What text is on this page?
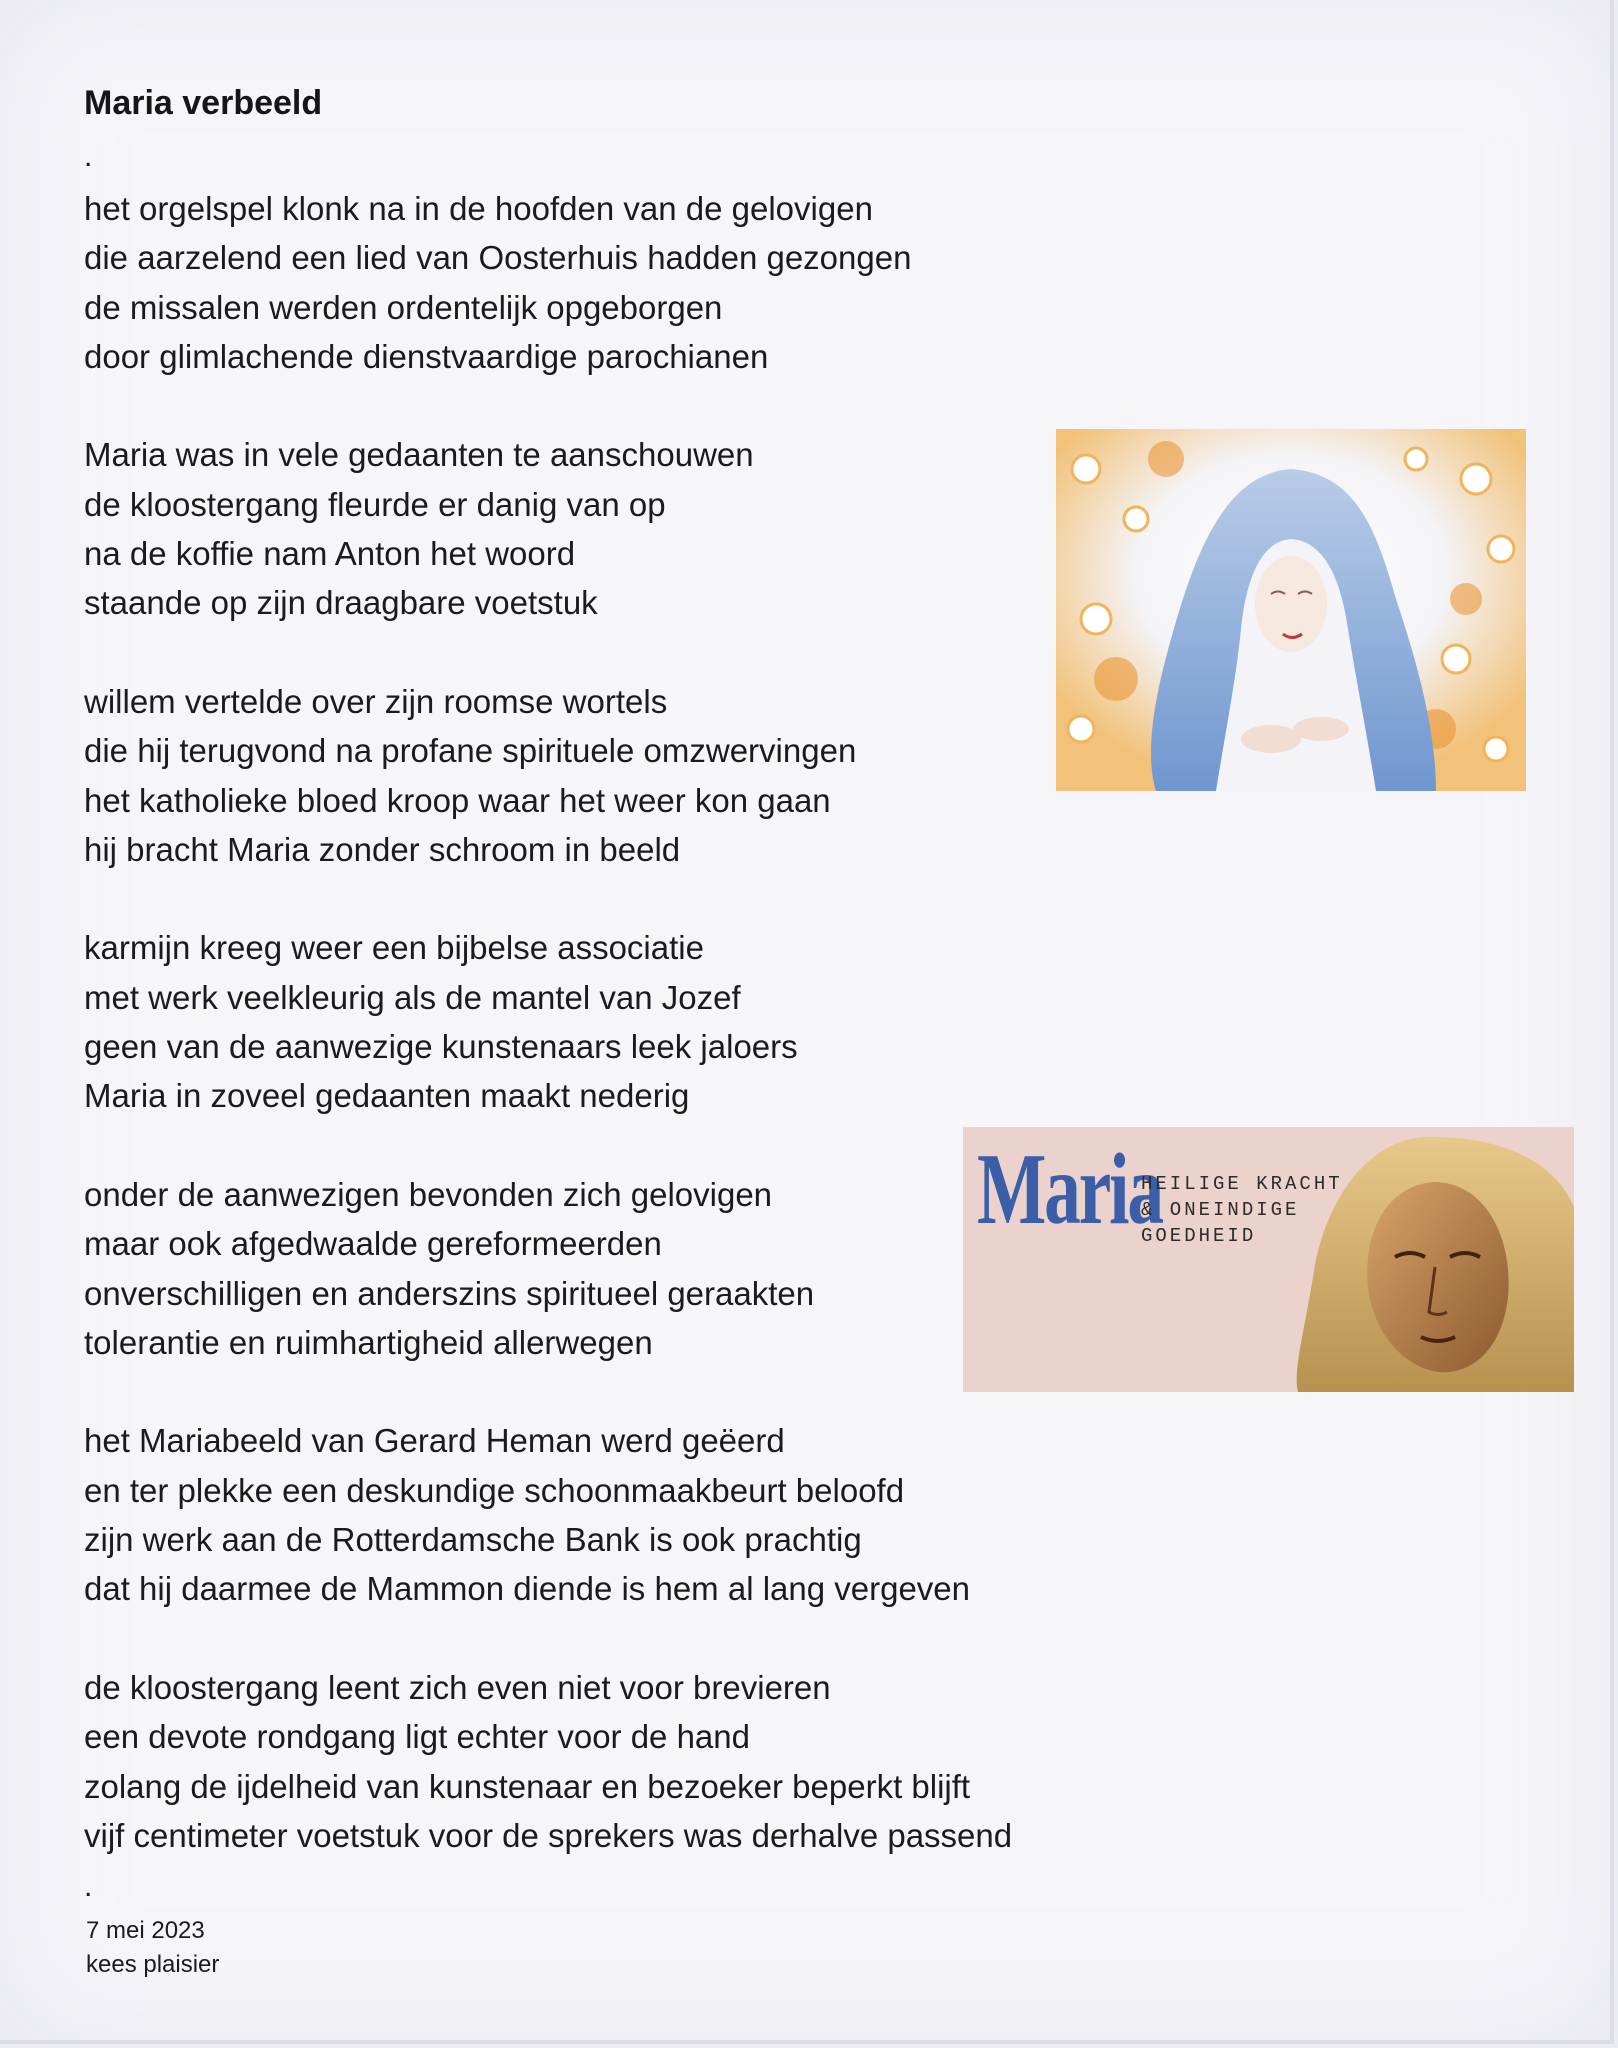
Maria verbeeld
.

het orgelspel klonk na in de hoofden van de gelovigen
die aarzelend een lied van Oosterhuis hadden gezongen
de missalen werden ordentelijk opgeborgen
door glimlachende dienstvaardige parochianen

Maria was in vele gedaanten te aanschouwen
de kloostergang fleurde er danig van op
na de koffie nam Anton het woord
staande op zijn draagbare voetstuk

willem vertelde over zijn roomse wortels
die hij terugvond na profane spirituele omzwervingen
het katholieke bloed kroop waar het weer kon gaan
hij bracht Maria zonder schroom in beeld

karmijn kreeg weer een bijbelse associatie
met werk veelkleurig als de mantel van Jozef
geen van de aanwezige kunstenaars leek jaloers
Maria in zoveel gedaanten maakt nederig

onder de aanwezigen bevonden zich gelovigen
maar ook afgedwaalde gereformeerden
onverschilligen en anderszins spiritueel geraakten
tolerantie en ruimhartigheid allerwegen

het Mariabeeld van Gerard Heman werd geëerd
en ter plekke een deskundige schoonmaakbeurt beloofd
zijn werk aan de Rotterdamsche Bank is ook prachtig
dat hij daarmee de Mammon diende is hem al lang vergeven

de kloostergang leent zich even niet voor brevieren
een devote rondgang ligt echter voor de hand
zolang de ijdelheid van kunstenaar en bezoeker beperkt blijft
vijf centimeter voetstuk voor de sprekers was derhalve passend

.
7 mei 2023
kees plaisier
Maria
HEILIGE KRACHT
& ONEINDIGE
GOEDHEID
